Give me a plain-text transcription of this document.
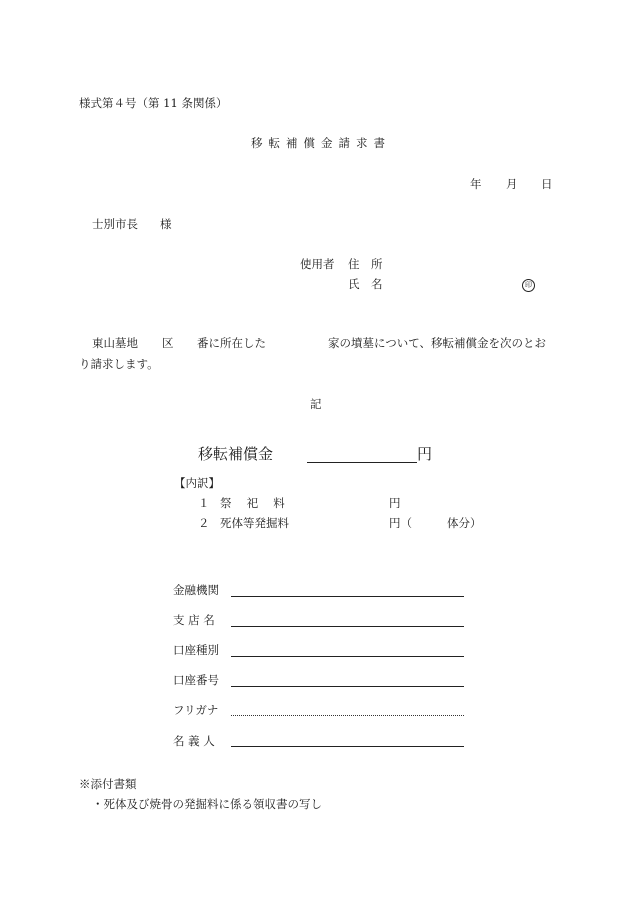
様式第４号（第 11 条関係）
移転補償金請求書
年 月 日
士別市長 様
使用者 住　所
氏　名	印
東山墓地 区 番に所在した	家の墳墓について、移転補償金を次のとお
り請求します。
記
移転補償金	円
【内訳】
１ 祭　 祀　 料	円
２ 死体等発掘料	円（	体分）
金融機関
支 店 名
口座種別
口座番号
フリガナ
名 義 人
※添付書類
・死体及び焼骨の発掘料に係る領収書の写し
